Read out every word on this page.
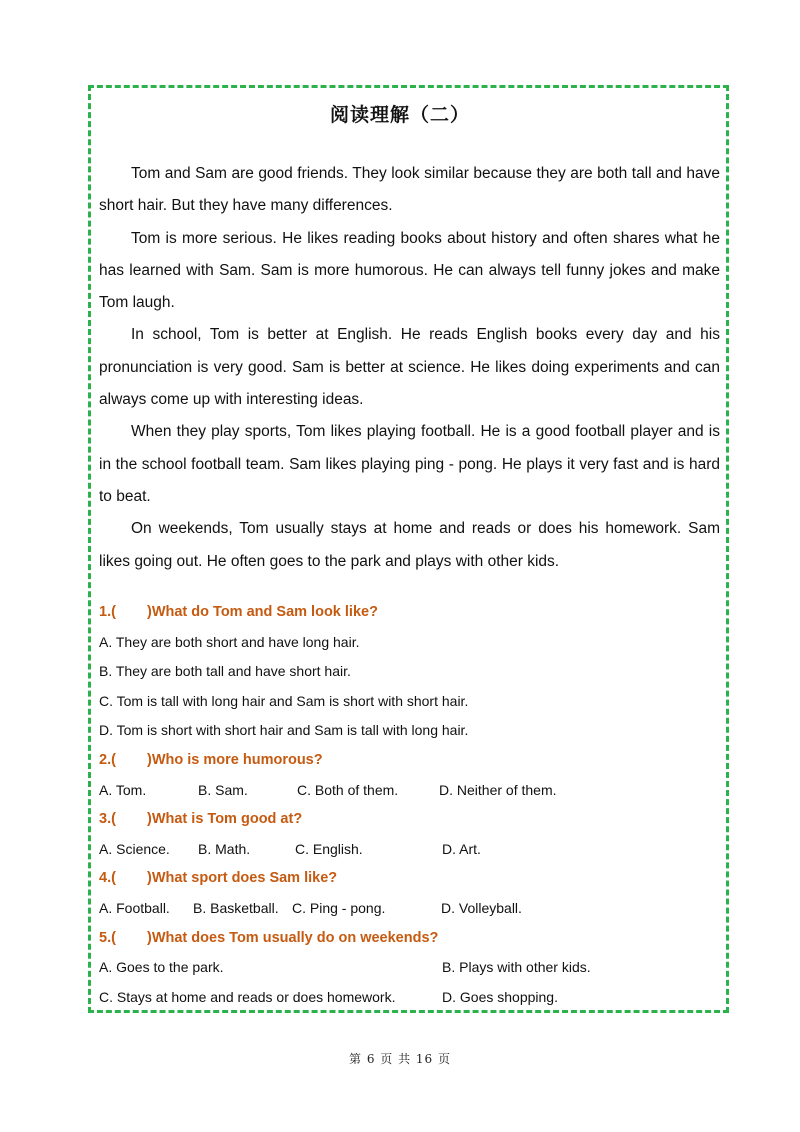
阅读理解（二）

Tom and Sam are good friends. They look similar because they are both tall and have short hair. But they have many differences.

Tom is more serious. He likes reading books about history and often shares what he has learned with Sam. Sam is more humorous. He can always tell funny jokes and make Tom laugh.

In school, Tom is better at English. He reads English books every day and his pronunciation is very good. Sam is better at science. He likes doing experiments and can always come up with interesting ideas.

When they play sports, Tom likes playing football. He is a good football player and is in the school football team. Sam likes playing ping - pong. He plays it very fast and is hard to beat.

On weekends, Tom usually stays at home and reads or does his homework. Sam likes going out. He often goes to the park and plays with other kids.

1.( )What do Tom and Sam look like?
A. They are both short and have long hair.
B. They are both tall and have short hair.
C. Tom is tall with long hair and Sam is short with short hair.
D. Tom is short with short hair and Sam is tall with long hair.
2.( )Who is more humorous?
A. Tom.	B. Sam.	C. Both of them.	D. Neither of them.
3.( )What is Tom good at?
A. Science. B. Math.	C. English.	D. Art.
4.( )What sport does Sam like?
A. Football. B. Basketball. C. Ping - pong.	D. Volleyball.
5.( )What does Tom usually do on weekends?
A. Goes to the park.	B. Plays with other kids.
C. Stays at home and reads or does homework.	D. Goes shopping.
第 6 页 共 16 页
